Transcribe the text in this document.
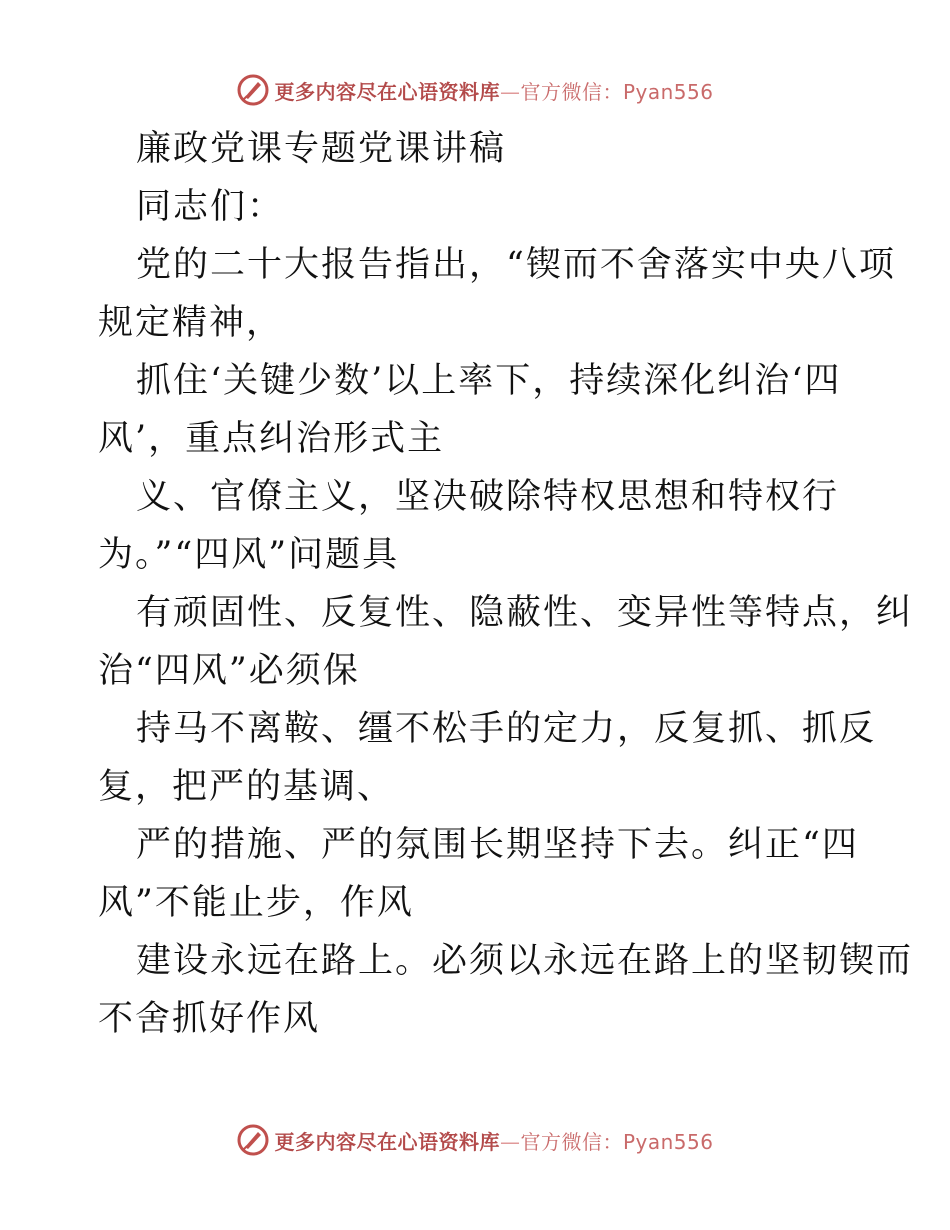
更多内容尽在心语资料库—官方微信：Pyan556
廉政党课专题党课讲稿
同志们：
党的二十大报告指出，“锲而不舍落实中央八项
规定精神，
抓住‘关键少数’以上率下，持续深化纠治‘四
风’，重点纠治形式主
义、官僚主义，坚决破除特权思想和特权行
为。”“四风”问题具
有顽固性、反复性、隐蔽性、变异性等特点，纠
治“四风”必须保
持马不离鞍、缰不松手的定力，反复抓、抓反
复，把严的基调、
严的措施、严的氛围长期坚持下去。纠正“四
风”不能止步，作风
建设永远在路上。必须以永远在路上的坚韧锲而
不舍抓好作风
更多内容尽在心语资料库—官方微信：Pyan556
